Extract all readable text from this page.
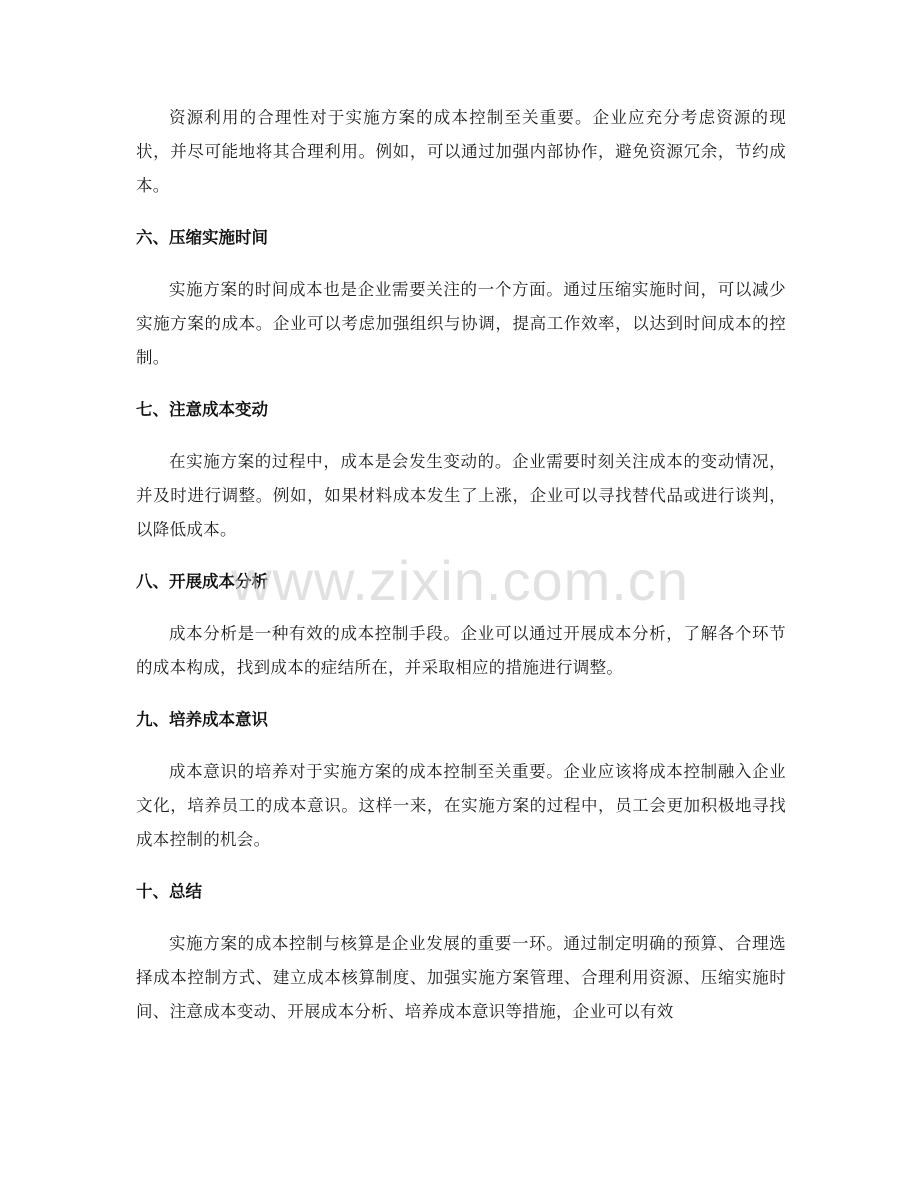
资源利用的合理性对于实施方案的成本控制至关重要。企业应充分考虑资源的现状，并尽可能地将其合理利用。例如，可以通过加强内部协作，避免资源冗余，节约成本。

六、压缩实施时间

实施方案的时间成本也是企业需要关注的一个方面。通过压缩实施时间，可以减少实施方案的成本。企业可以考虑加强组织与协调，提高工作效率，以达到时间成本的控制。

七、注意成本变动

在实施方案的过程中，成本是会发生变动的。企业需要时刻关注成本的变动情况，并及时进行调整。例如，如果材料成本发生了上涨，企业可以寻找替代品或进行谈判，以降低成本。

八、开展成本分析

成本分析是一种有效的成本控制手段。企业可以通过开展成本分析，了解各个环节的成本构成，找到成本的症结所在，并采取相应的措施进行调整。

九、培养成本意识

成本意识的培养对于实施方案的成本控制至关重要。企业应该将成本控制融入企业文化，培养员工的成本意识。这样一来，在实施方案的过程中，员工会更加积极地寻找成本控制的机会。

十、总结

实施方案的成本控制与核算是企业发展的重要一环。通过制定明确的预算、合理选择成本控制方式、建立成本核算制度、加强实施方案管理、合理利用资源、压缩实施时间、注意成本变动、开展成本分析、培养成本意识等措施，企业可以有效

www.zixin.com.cn
